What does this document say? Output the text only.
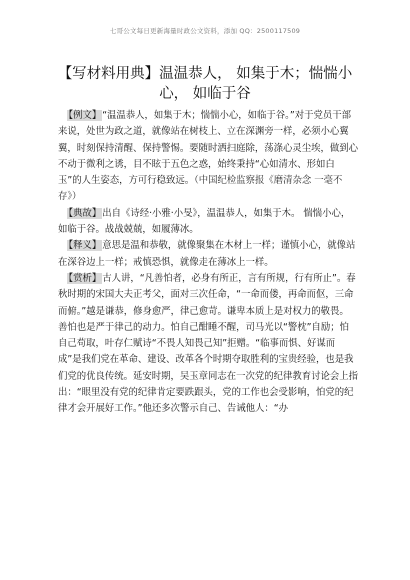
七哥公文每日更新海量时政公文资料，添加 QQ：2500117509
【写材料用典】温温恭人， 如集于木；惴惴小
心， 如临于谷

　【例文】“温温恭人，如集于木；惴惴小心，如临于谷。”对于党员干部来说，处世为政之道，就像站在树枝上、立在深渊旁一样，必须小心翼翼，时刻保持清醒、保持警惕。要随时洒扫庭除，荡涤心灵尘埃，做到心不动于微利之诱，目不眩于五色之惑，始终秉持“心如清水、形如白玉”的人生姿态，方可行稳致远。（中国纪检监察报《磨清杂念 一毫不存》）

　【典故】出自《诗经·小雅·小旻》，温温恭人，如集于木。 惴惴小心，如临于谷。战战兢兢，如履薄冰。

　【释义】意思是温和恭敬，就像聚集在木材上一样；谨慎小心，就像站在深谷边上一样；戒慎恐惧，就像走在薄冰上一样。

　【赏析】古人讲，“凡善怕者，必身有所正，言有所规，行有所止”。春秋时期的宋国大夫正考父，面对三次任命，“一命而偻，再命而伛，三命而俯。”越是谦恭，修身愈严，律己愈苛。谦卑本质上是对权力的敬畏。善怕也是严于律己的动力。怕自己酣睡不醒，司马光以“警枕”自励；怕自己苟取，叶存仁赋诗“不畏人知畏己知”拒赠。“临事而惧、好谋而成”是我们党在革命、建设、改革各个时期夺取胜利的宝贵经验，也是我们党的优良传统。延安时期，吴玉章同志在一次党的纪律教育讨论会上指出：“眼里没有党的纪律肯定要跌跟头，党的工作也会受影响，怕党的纪律才会开展好工作。”他还多次警示自己、告诫他人：“办
